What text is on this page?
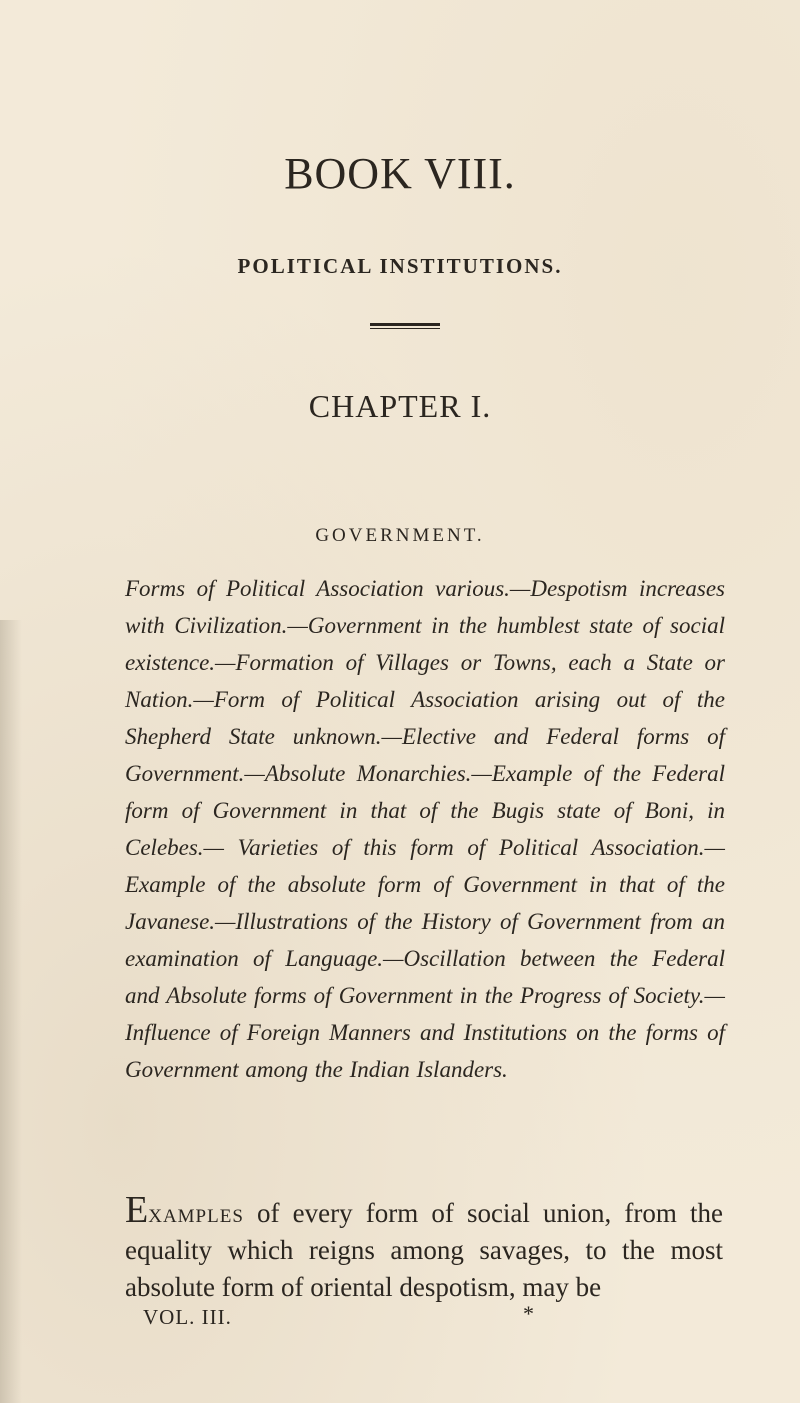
BOOK VIII.
POLITICAL INSTITUTIONS.
CHAPTER I.
GOVERNMENT.
Forms of Political Association various.—Despotism increases with Civilization.—Government in the humblest state of social existence.—Formation of Villages or Towns, each a State or Nation.—Form of Political Association arising out of the Shepherd State unknown.—Elective and Federal forms of Government.—Absolute Monarchies.—Example of the Federal form of Government in that of the Bugis state of Boni, in Celebes.— Varieties of this form of Political Association.—Example of the absolute form of Government in that of the Javanese.—Illustrations of the History of Government from an examination of Language.—Oscillation between the Federal and Absolute forms of Government in the Progress of Society.—Influence of Foreign Manners and Institutions on the forms of Government among the Indian Islanders.
Examples of every form of social union, from the equality which reigns among savages, to the most absolute form of oriental despotism, may be
VOL. III.	*
